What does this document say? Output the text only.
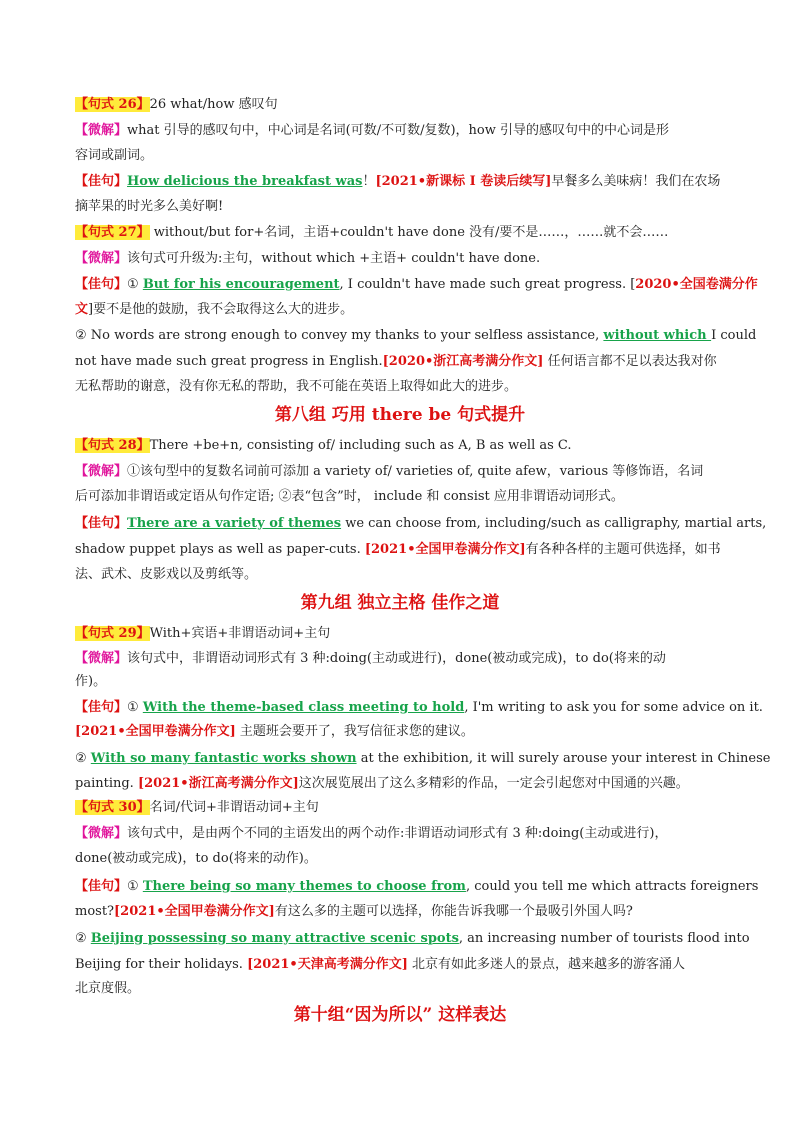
【句式 26】26 what/how 感叹句
【微解】what 引导的感叹句中，中心词是名词(可数/不可数/复数)，how 引导的感叹句中的中心词是形
容词或副词。
【佳句】How delicious the breakfast was！[2021•新课标 I 卷读后续写]早餐多么美味病！我们在农场
摘苹果的时光多么美好啊!
【句式 27】 without/but for+名词，主语+couldn't have done 没有/要不是……，……就不会……
【微解】该句式可升级为:主句，without which +主语+ couldn't have done.
【佳句】① But for his encouragement, I couldn't have made such great progress. [2020•全国卷满分作
文]要不是他的鼓励，我不会取得这么大的进步。
② No words are strong enough to convey my thanks to your selfless assistance, without which I could
not have made such great progress in English.[2020•浙江高考满分作文] 任何语言都不足以表达我对你
无私帮助的谢意，没有你无私的帮助，我不可能在英语上取得如此大的进步。
第八组 巧用 there be 句式提升
【句式 28】There +be+n, consisting of/ including such as A, B as well as C.
【微解】①该句型中的复数名词前可添加 a variety of/ varieties of, quite afew，various 等修饰语，名词
后可添加非谓语或定语从句作定语; ②表“包含”时， include 和 consist 应用非谓语动词形式。
【佳句】There are a variety of themes we can choose from, including/such as calligraphy, martial arts,
shadow puppet plays as well as paper-cuts. [2021•全国甲卷满分作文]有各种各样的主题可供选择，如书
法、武术、皮影戏以及剪纸等。
第九组 独立主格 佳作之道
【句式 29】With+宾语+非谓语动词+主句
【微解】该句式中，非谓语动词形式有 3 种:doing(主动或进行)，done(被动或完成)，to do(将来的动
作)。
【佳句】① With the theme-based class meeting to hold, I'm writing to ask you for some advice on it.
[2021•全国甲卷满分作文] 主题班会要开了，我写信征求您的建议。
② With so many fantastic works shown at the exhibition, it will surely arouse your interest in Chinese
painting. [2021•浙江高考满分作文]这次展览展出了这么多精彩的作品，一定会引起您对中国通的兴趣。
【句式 30】名词/代词+非谓语动词+主句
【微解】该句式中，是由两个不同的主语发出的两个动作:非谓语动词形式有 3 种:doing(主动或进行)，
done(被动或完成)，to do(将来的动作)。
【佳句】① There being so many themes to choose from, could you tell me which attracts foreigners
most?[2021•全国甲卷满分作文]有这么多的主题可以选择，你能告诉我哪一个最吸引外国人吗?
② Beijing possessing so many attractive scenic spots, an increasing number of tourists flood into
Beijing for their holidays. [2021•天津高考满分作文] 北京有如此多迷人的景点，越来越多的游客涌人
北京度假。
第十组“因为所以” 这样表达
